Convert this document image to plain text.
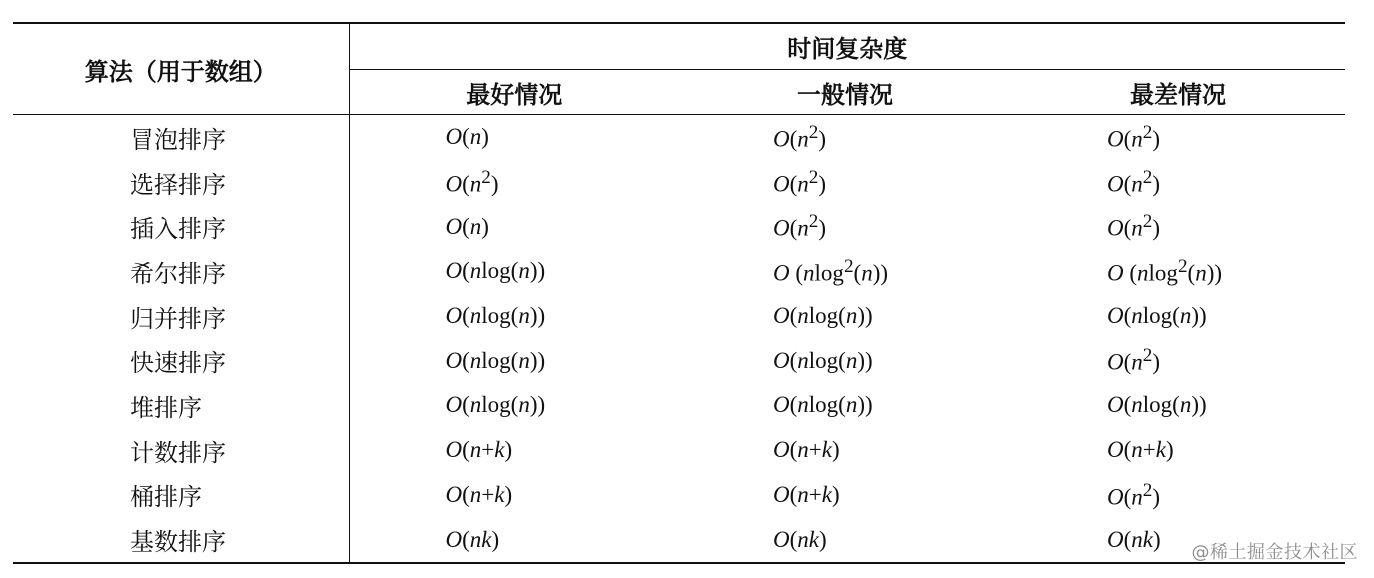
算法（用于数组）	时间复杂度		
	最好情况	一般情况	最差情况
冒泡排序	O(n)	$O(n^2)$	$O(n^2)$
选择排序	$O(n^2)$	$O(n^2)$	$O(n^2)$
插入排序	O(n)	$O(n^2)$	$O(n^2)$
希尔排序	O(nlog(n))	O (nlog$^2$(n))	O (nlog$^2$(n))
归并排序	O(nlog(n))	O(nlog(n))	O(nlog(n))
快速排序	O(nlog(n))	O(nlog(n))	$O(n^2)$
堆排序	O(nlog(n))	O(nlog(n))	O(nlog(n))
计数排序	O(n+k)	O(n+k)	O(n+k)
桶排序	O(n+k)	O(n+k)	$O(n^2)$
基数排序	O(nk)	O(nk)	O(nk)
@稀土掘金技术社区
